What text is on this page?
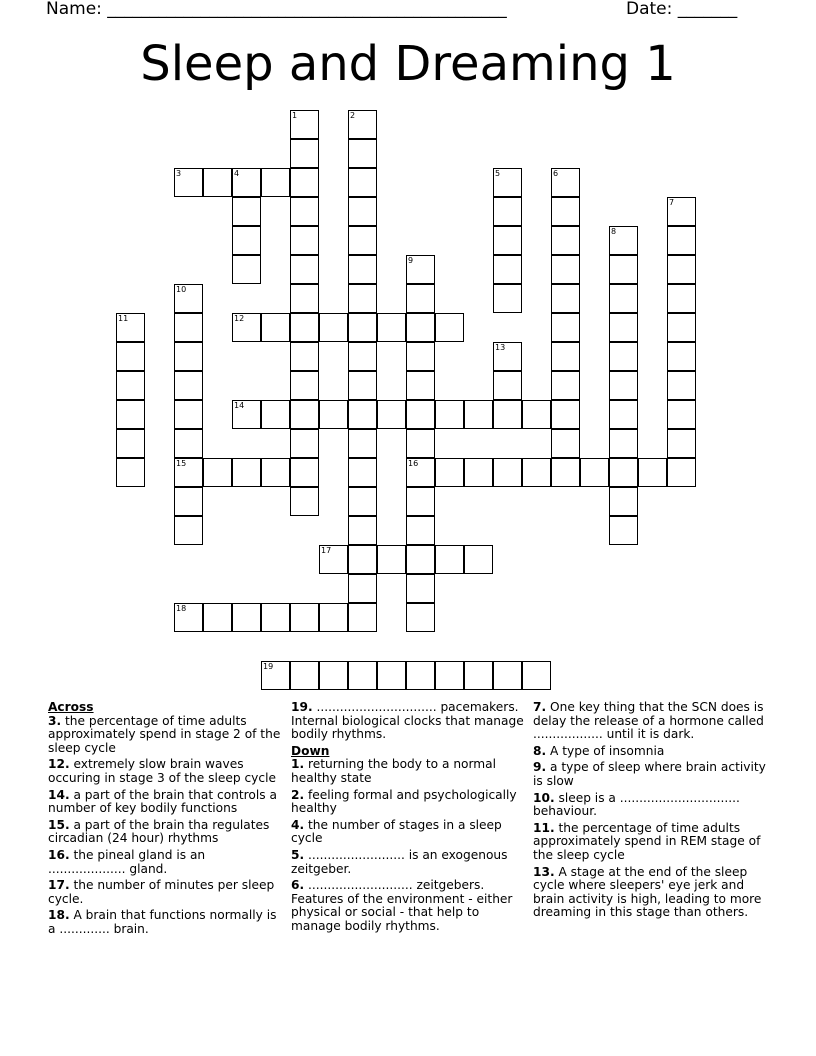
Name: _______________________________________________	Date: _______
Sleep and Dreaming 1
1	2
3	4	5	6
7
8
9
10
11	12
13
14
15	16
17
18
19
Across
3. the percentage of time adults approximately spend in stage 2 of the sleep cycle
12. extremely slow brain waves occuring in stage 3 of the sleep cycle
14. a part of the brain that controls a number of key bodily functions
15. a part of the brain tha regulates circadian (24 hour) rhythms
16. the pineal gland is an .................... gland.
17. the number of minutes per sleep cycle.
18. A brain that functions normally is a ............. brain.
19. ............................... pacemakers. Internal biological clocks that manage bodily rhythms.
Down
1. returning the body to a normal healthy state
2. feeling formal and psychologically healthy
4. the number of stages in a sleep cycle
5. ......................... is an exogenous zeitgeber.
6. ........................... zeitgebers. Features of the environment - either physical or social - that help to manage bodily rhythms.
7. One key thing that the SCN does is delay the release of a hormone called .................. until it is dark.
8. A type of insomnia
9. a type of sleep where brain activity is slow
10. sleep is a ............................... behaviour.
11. the percentage of time adults approximately spend in REM stage of the sleep cycle
13. A stage at the end of the sleep cycle where sleepers' eye jerk and brain activity is high, leading to more dreaming in this stage than others.
